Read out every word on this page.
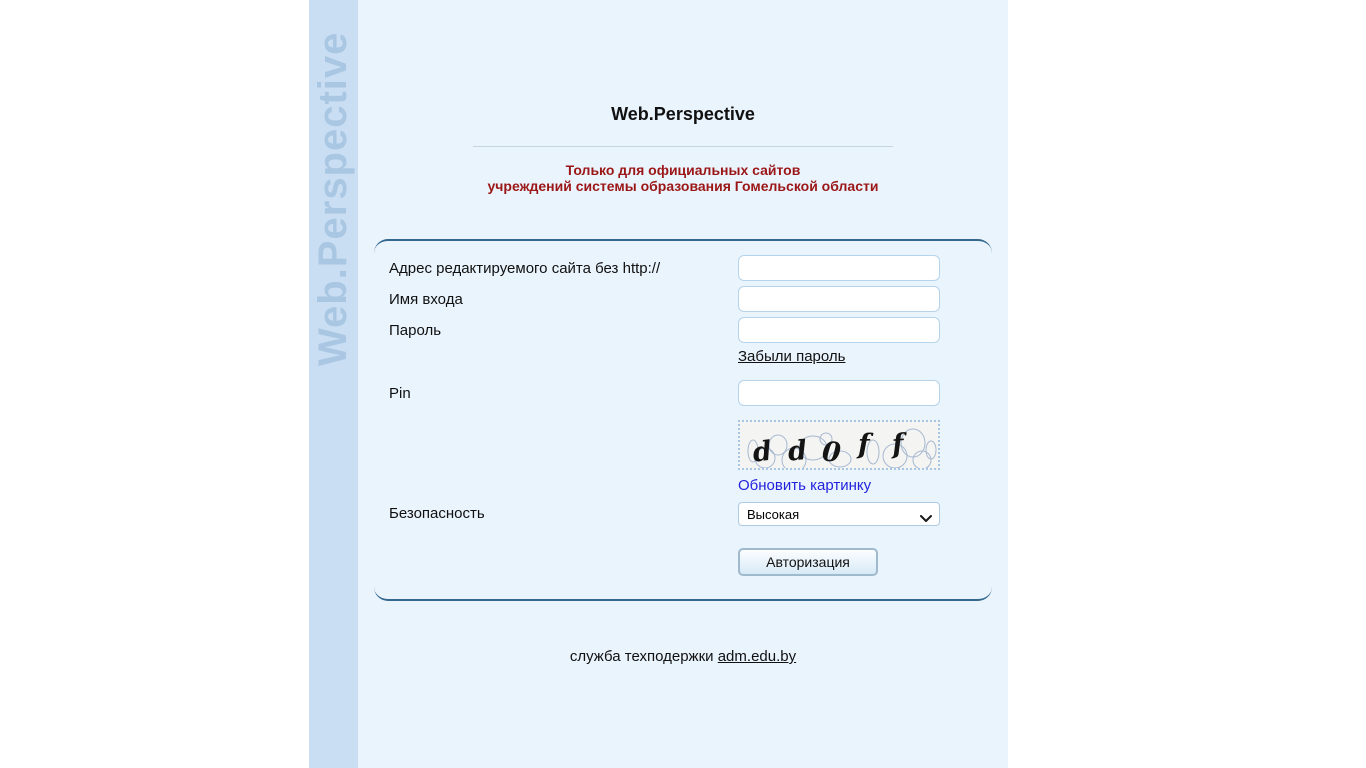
Web.Perspective	Web.Perspective
Только для официальных сайтов
учреждений системы образования Гомельской области
Адрес редактируемого сайта без http://
Имя входа
Пароль
Забыли пароль
Pin
d d 0 f f
Обновить картинку
Безопасность
Высокая
Авторизация
служба техподержки adm.edu.by
